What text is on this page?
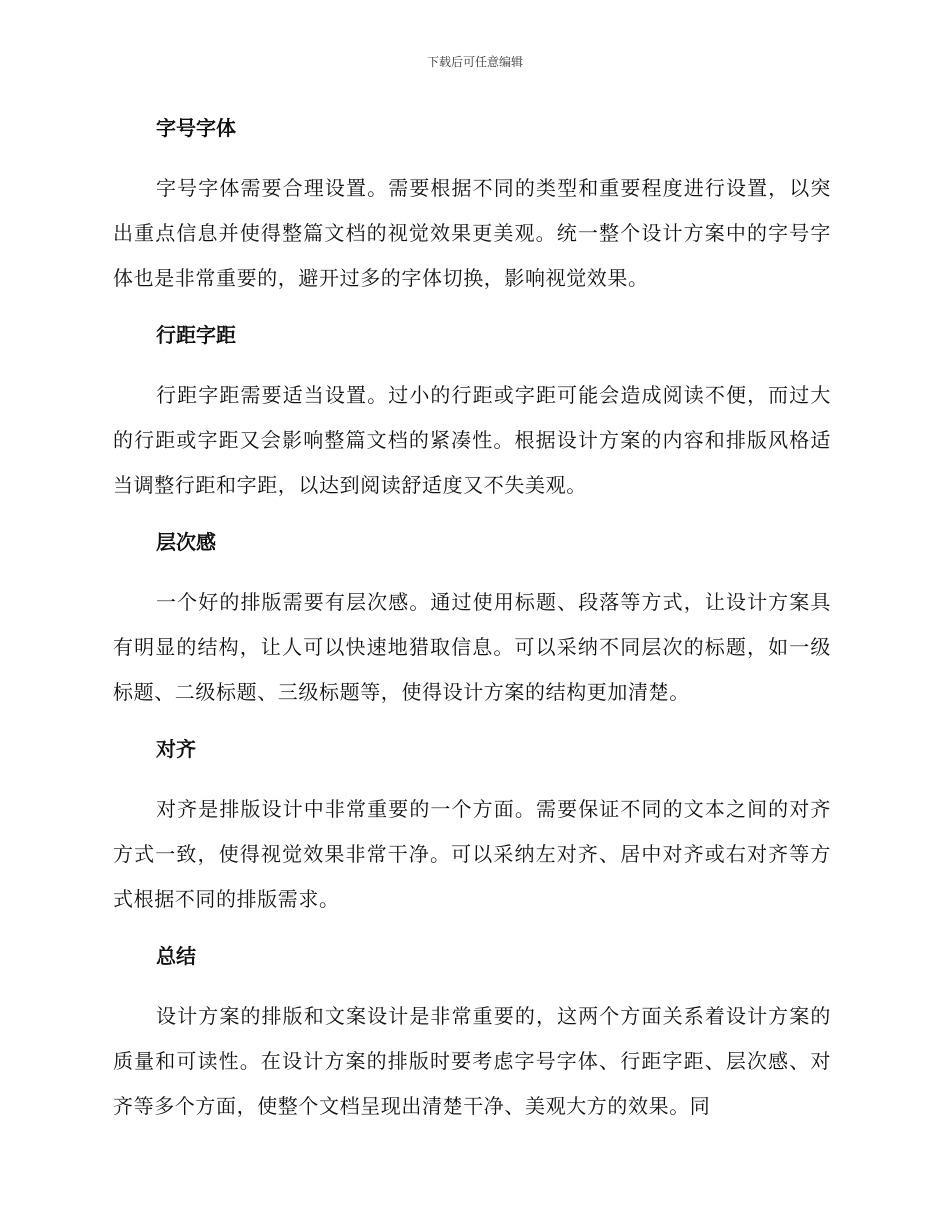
下载后可任意编辑
字号字体

字号字体需要合理设置。需要根据不同的类型和重要程度进行设置，以突出重点信息并使得整篇文档的视觉效果更美观。统一整个设计方案中的字号字体也是非常重要的，避开过多的字体切换，影响视觉效果。

行距字距

行距字距需要适当设置。过小的行距或字距可能会造成阅读不便，而过大的行距或字距又会影响整篇文档的紧凑性。根据设计方案的内容和排版风格适当调整行距和字距，以达到阅读舒适度又不失美观。

层次感

一个好的排版需要有层次感。通过使用标题、段落等方式，让设计方案具有明显的结构，让人可以快速地猎取信息。可以采纳不同层次的标题，如一级标题、二级标题、三级标题等，使得设计方案的结构更加清楚。

对齐

对齐是排版设计中非常重要的一个方面。需要保证不同的文本之间的对齐方式一致，使得视觉效果非常干净。可以采纳左对齐、居中对齐或右对齐等方式根据不同的排版需求。

总结

设计方案的排版和文案设计是非常重要的，这两个方面关系着设计方案的质量和可读性。在设计方案的排版时要考虑字号字体、行距字距、层次感、对齐等多个方面，使整个文档呈现出清楚干净、美观大方的效果。同
